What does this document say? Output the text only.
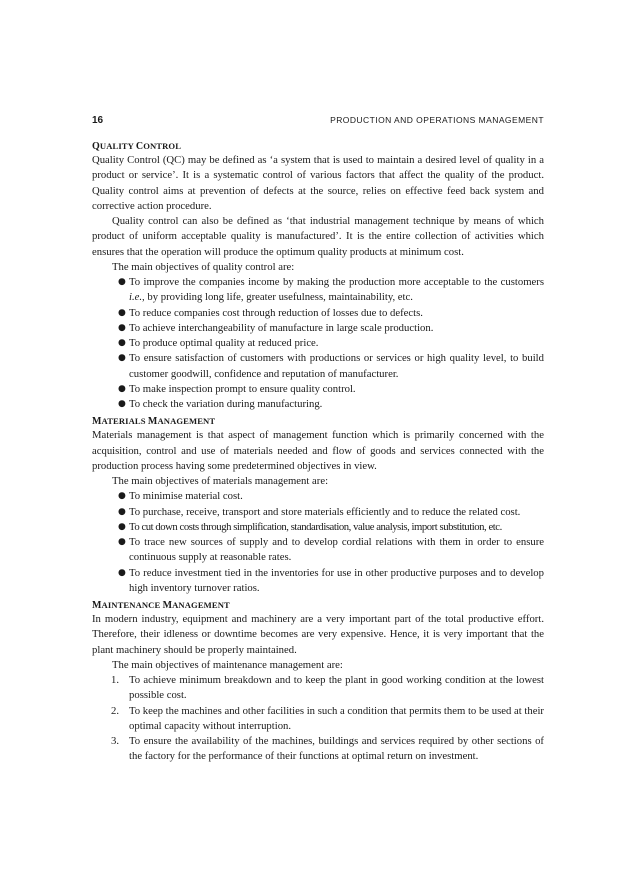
16	PRODUCTION AND OPERATIONS MANAGEMENT
QUALITY CONTROL

Quality Control (QC) may be defined as ‘a system that is used to maintain a desired level of quality in a product or service’. It is a systematic control of various factors that affect the quality of the product. Quality control aims at prevention of defects at the source, relies on effective feed back system and corrective action procedure.

Quality control can also be defined as ‘that industrial management technique by means of which product of uniform acceptable quality is manufactured’. It is the entire collection of activities which ensures that the operation will produce the optimum quality products at minimum cost.

The main objectives of quality control are:

● To improve the companies income by making the production more acceptable to the customers i.e., by providing long life, greater usefulness, maintainability, etc.
● To reduce companies cost through reduction of losses due to defects.
● To achieve interchangeability of manufacture in large scale production.
● To produce optimal quality at reduced price.
● To ensure satisfaction of customers with productions or services or high quality level, to build customer goodwill, confidence and reputation of manufacturer.
● To make inspection prompt to ensure quality control.
● To check the variation during manufacturing.
MATERIALS MANAGEMENT

Materials management is that aspect of management function which is primarily concerned with the acquisition, control and use of materials needed and flow of goods and services connected with the production process having some predetermined objectives in view.

The main objectives of materials management are:

● To minimise material cost.
● To purchase, receive, transport and store materials efficiently and to reduce the related cost.
● To cut down costs through simplification, standardisation, value analysis, import substitution, etc.
● To trace new sources of supply and to develop cordial relations with them in order to ensure continuous supply at reasonable rates.
● To reduce investment tied in the inventories for use in other productive purposes and to develop high inventory turnover ratios.
MAINTENANCE MANAGEMENT

In modern industry, equipment and machinery are a very important part of the total productive effort. Therefore, their idleness or downtime becomes are very expensive. Hence, it is very important that the plant machinery should be properly maintained.

The main objectives of maintenance management are:

1. To achieve minimum breakdown and to keep the plant in good working condition at the lowest possible cost.
2. To keep the machines and other facilities in such a condition that permits them to be used at their optimal capacity without interruption.
3. To ensure the availability of the machines, buildings and services required by other sections of the factory for the performance of their functions at optimal return on investment.
